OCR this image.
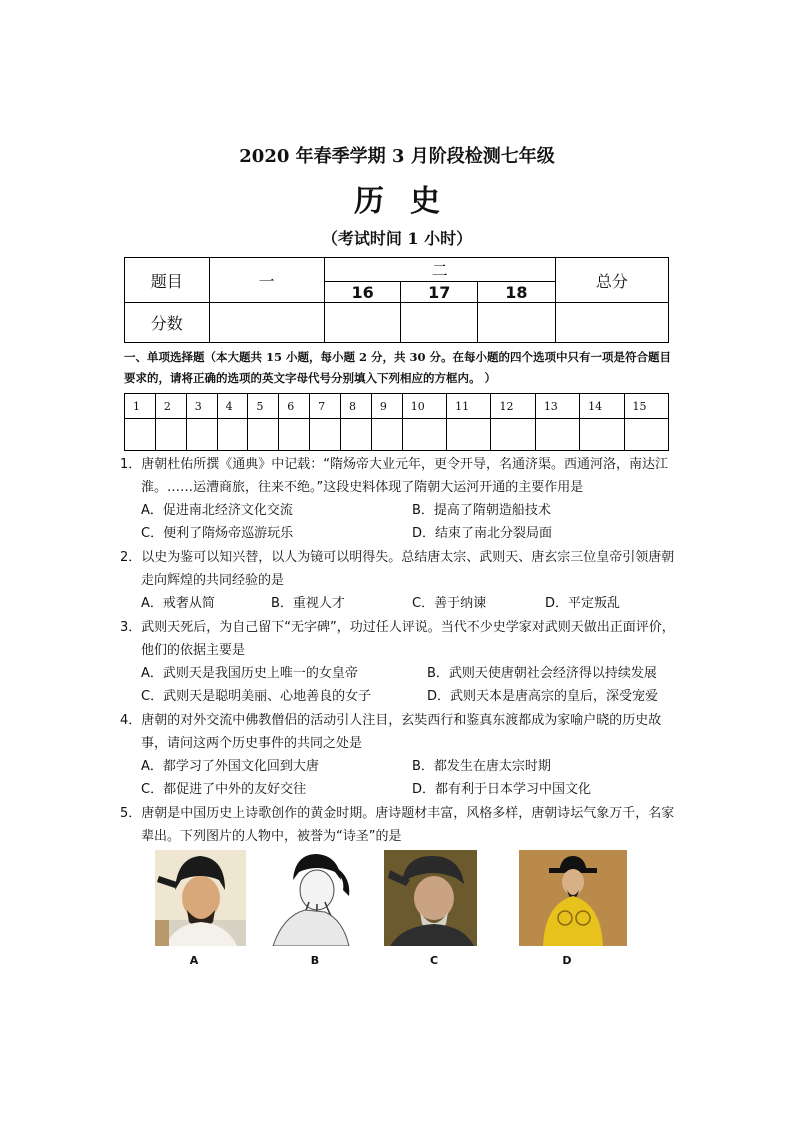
2020 年春季学期 3 月阶段检测七年级
历史
（考试时间 1 小时）
题目	一	二			总分
		16	17	18	
分数					
一、单项选择题（本大题共 15 小题，每小题 2 分，共 30 分。在每小题的四个选项中只有一项是符合题目要求的，请将正确的选项的英文字母代号分别填入下列相应的方框内。 ）
1	2	3	4	5	6	7	8	9	10	11	12	13	14	15

1．唐朝杜佑所撰《通典》中记载：“隋炀帝大业元年，更令开导，名通济渠。西通河洛，南达江淮。……运漕商旅，往来不绝。”这段史料体现了隋朝大运河开通的主要作用是
A．促进南北经济文化交流	B．提高了隋朝造船技术
C．便利了隋炀帝巡游玩乐	D．结束了南北分裂局面
2．以史为鉴可以知兴替，以人为镜可以明得失。总结唐太宗、武则天、唐玄宗三位皇帝引领唐朝走向辉煌的共同经验的是
A．戒奢从简	B．重视人才	C．善于纳谏	D．平定叛乱
3．武则天死后，为自己留下“无字碑”，功过任人评说。当代不少史学家对武则天做出正面评价，他们的依据主要是
A．武则天是我国历史上唯一的女皇帝	B．武则天使唐朝社会经济得以持续发展
C．武则天是聪明美丽、心地善良的女子	D．武则天本是唐高宗的皇后，深受宠爱
4．唐朝的对外交流中佛教僧侣的活动引人注目，玄奘西行和鉴真东渡都成为家喻户晓的历史故事，请问这两个历史事件的共同之处是
A．都学习了外国文化回到大唐	B．都发生在唐太宗时期
C．都促进了中外的友好交往	D．都有利于日本学习中国文化
5．唐朝是中国历史上诗歌创作的黄金时期。唐诗题材丰富，风格多样，唐朝诗坛气象万千，名家辈出。下列图片的人物中，被誉为“诗圣”的是
A	B	C	D
